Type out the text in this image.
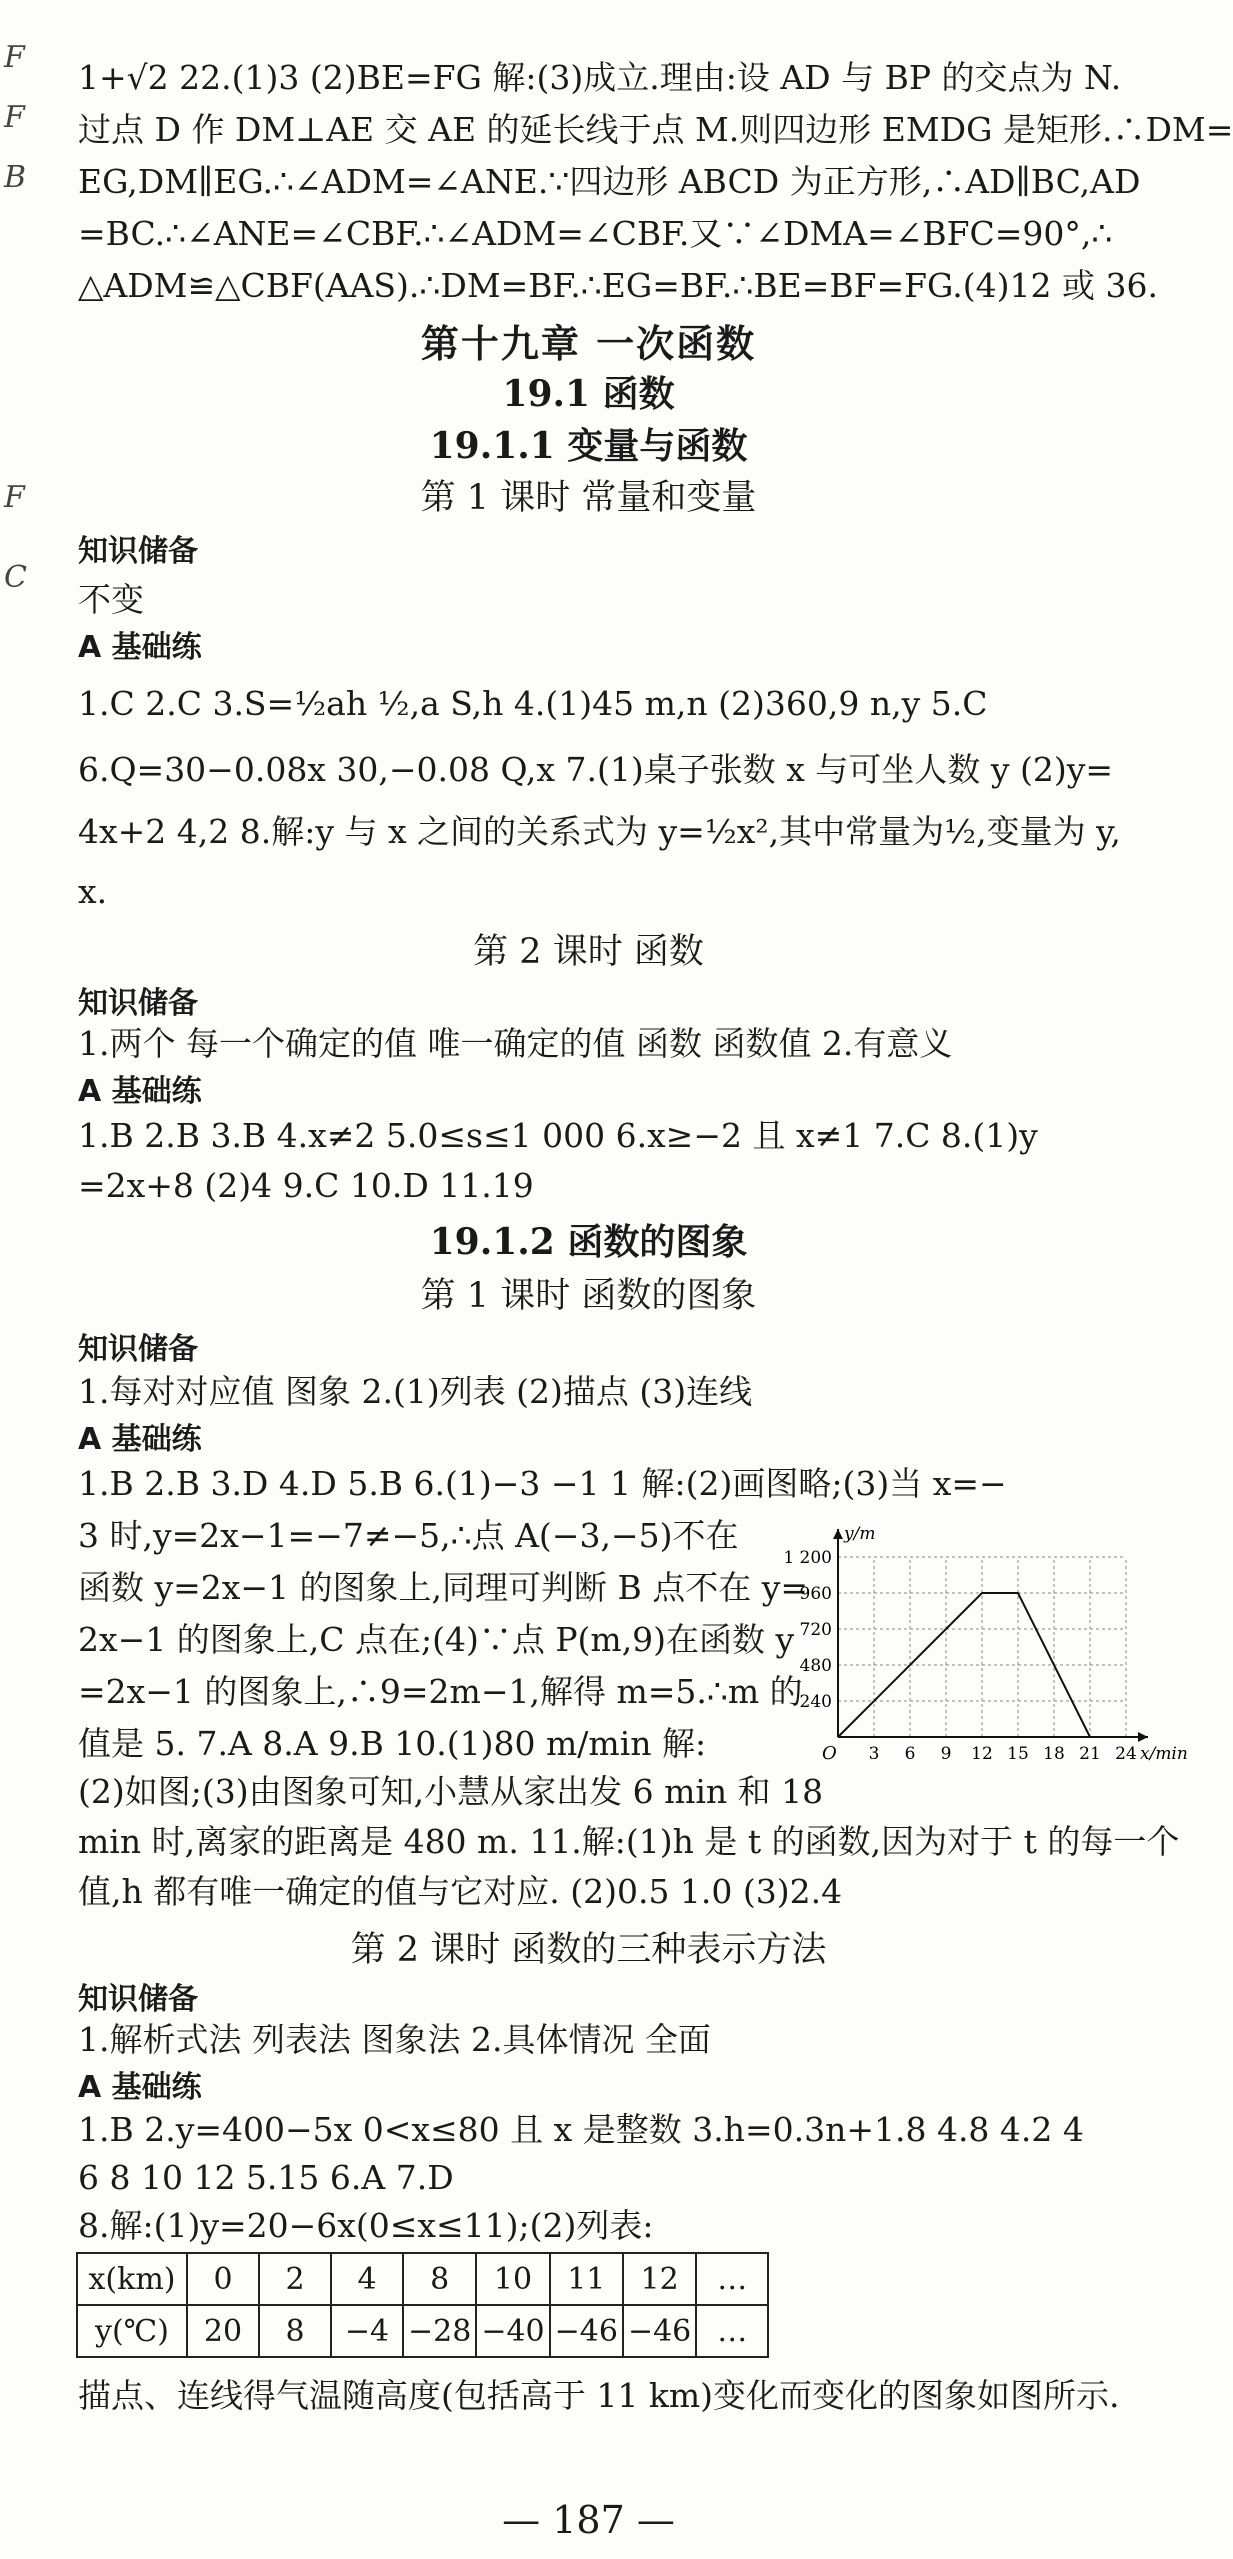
F
F
B
F
C
1+√2 22.(1)3 (2)BE=FG 解:(3)成立.理由:设 AD 与 BP 的交点为 N.
过点 D 作 DM⊥AE 交 AE 的延长线于点 M.则四边形 EMDG 是矩形.∴DM=
EG,DM∥EG.∴∠ADM=∠ANE.∵四边形 ABCD 为正方形,∴AD∥BC,AD
=BC.∴∠ANE=∠CBF.∴∠ADM=∠CBF.又∵∠DMA=∠BFC=90°,∴
△ADM≌△CBF(AAS).∴DM=BF.∴EG=BF.∴BE=BF=FG.(4)12 或 36.
第十九章 一次函数
19.1 函数
19.1.1 变量与函数
第 1 课时 常量和变量
知识储备
不变
A 基础练
1.C 2.C 3.S=½ah ½,a S,h 4.(1)45 m,n (2)360,9 n,y 5.C
6.Q=30−0.08x 30,−0.08 Q,x 7.(1)桌子张数 x 与可坐人数 y (2)y=
4x+2 4,2 8.解:y 与 x 之间的关系式为 y=½x²,其中常量为½,变量为 y,
x.
第 2 课时 函数
知识储备
1.两个 每一个确定的值 唯一确定的值 函数 函数值 2.有意义
A 基础练
1.B 2.B 3.B 4.x≠2 5.0≤s≤1 000 6.x≥−2 且 x≠1 7.C 8.(1)y
=2x+8 (2)4 9.C 10.D 11.19
19.1.2 函数的图象
第 1 课时 函数的图象
知识储备
1.每对对应值 图象 2.(1)列表 (2)描点 (3)连线
A 基础练
1.B 2.B 3.D 4.D 5.B 6.(1)−3 −1 1 解:(2)画图略;(3)当 x=−
3 时,y=2x−1=−7≠−5,∴点 A(−3,−5)不在
函数 y=2x−1 的图象上,同理可判断 B 点不在 y=
2x−1 的图象上,C 点在;(4)∵点 P(m,9)在函数 y
=2x−1 的图象上,∴9=2m−1,解得 m=5.∴m 的
值是 5. 7.A 8.A 9.B 10.(1)80 m/min 解:
(2)如图;(3)由图象可知,小慧从家出发 6 min 和 18
min 时,离家的距离是 480 m. 11.解:(1)h 是 t 的函数,因为对于 t 的每一个
值,h 都有唯一确定的值与它对应. (2)0.5 1.0 (3)2.4
3 6 9 12 15 18 21 24
240
480
720
960
1 200
O	x/min
y/m
第 2 课时 函数的三种表示方法
知识储备
1.解析式法 列表法 图象法 2.具体情况 全面
A 基础练
1.B 2.y=400−5x 0<x≤80 且 x 是整数 3.h=0.3n+1.8 4.8 4.2 4
6 8 10 12 5.15 6.A 7.D
8.解:(1)y=20−6x(0≤x≤11);(2)列表:
x(km)	0	2	4	8	10	11	12	…
y(℃)	20	8	−4	−28	−40	−46	−46	…
描点、连线得气温随高度(包括高于 11 km)变化而变化的图象如图所示.
— 187 —
